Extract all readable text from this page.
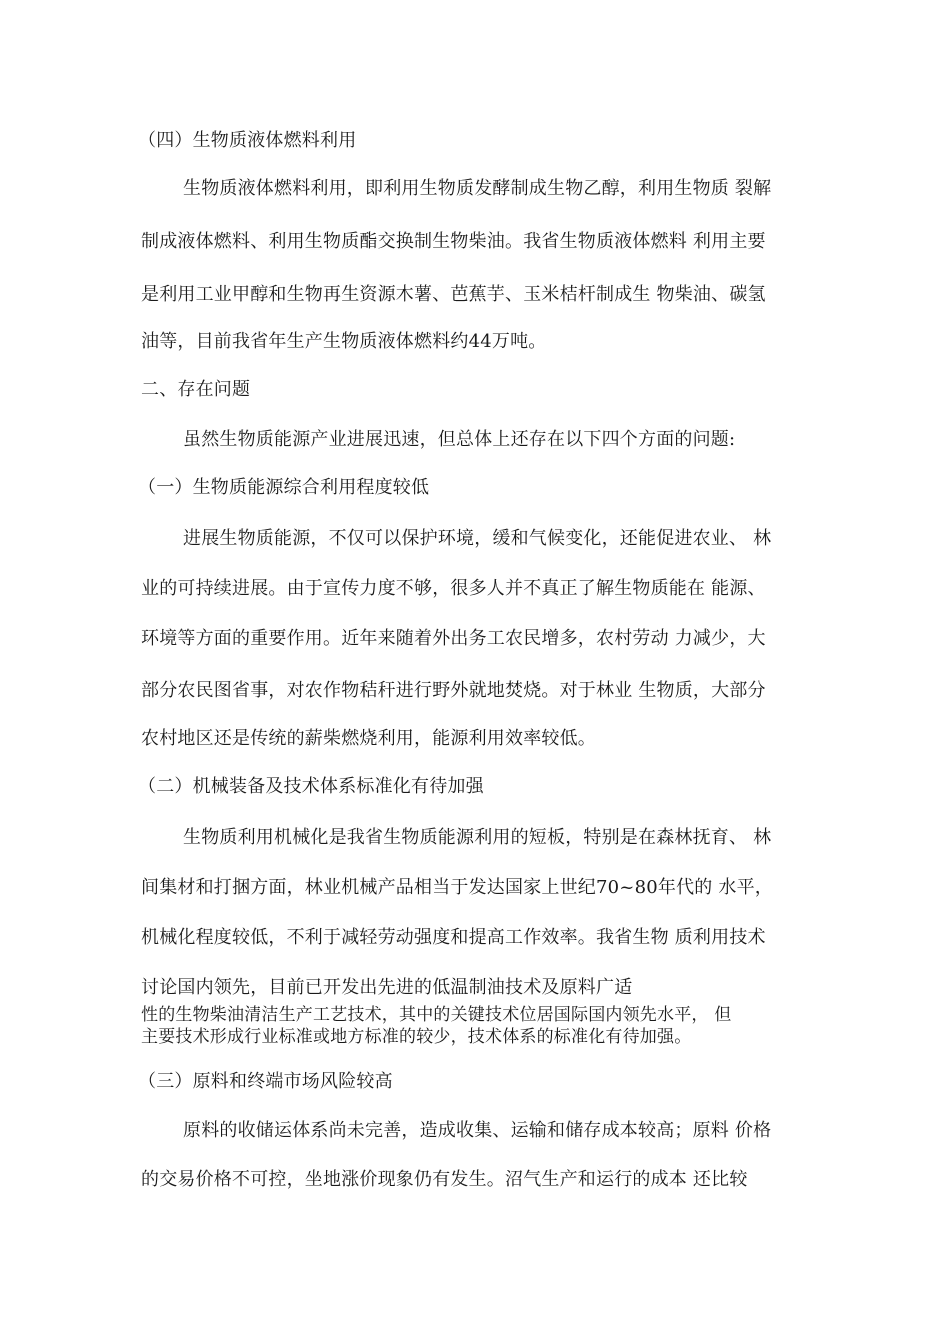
（四）生物质液体燃料利用
生物质液体燃料利用，即利用生物质发酵制成生物乙醇，利用生物质 裂解
制成液体燃料、利用生物质酯交换制生物柴油。我省生物质液体燃料 利用主要
是利用工业甲醇和生物再生资源木薯、芭蕉芋、玉米桔杆制成生 物柴油、碳氢
油等，目前我省年生产生物质液体燃料约44万吨。
二、存在问题
虽然生物质能源产业进展迅速，但总体上还存在以下四个方面的问题:
（一）生物质能源综合利用程度较低
进展生物质能源，不仅可以保护环境，缓和气候变化，还能促进农业、 林
业的可持续进展。由于宣传力度不够，很多人并不真正了解生物质能在 能源、
环境等方面的重要作用。近年来随着外出务工农民增多，农村劳动 力减少，大
部分农民图省事，对农作物秸秆进行野外就地焚烧。对于林业 生物质，大部分
农村地区还是传统的薪柴燃烧利用，能源利用效率较低。
（二）机械装备及技术体系标准化有待加强
生物质利用机械化是我省生物质能源利用的短板，特别是在森林抚育、 林
间集材和打捆方面，林业机械产品相当于发达国家上世纪70~80年代的 水平，
机械化程度较低，不利于减轻劳动强度和提高工作效率。我省生物 质利用技术
讨论国内领先，目前已开发出先进的低温制油技术及原料广适
性的生物柴油清洁生产工艺技术，其中的关键技术位居国际国内领先水平， 但
主要技术形成行业标准或地方标准的较少，技术体系的标准化有待加强。
（三）原料和终端市场风险较高
原料的收储运体系尚未完善，造成收集、运输和储存成本较高；原料 价格
的交易价格不可控，坐地涨价现象仍有发生。沼气生产和运行的成本 还比较
